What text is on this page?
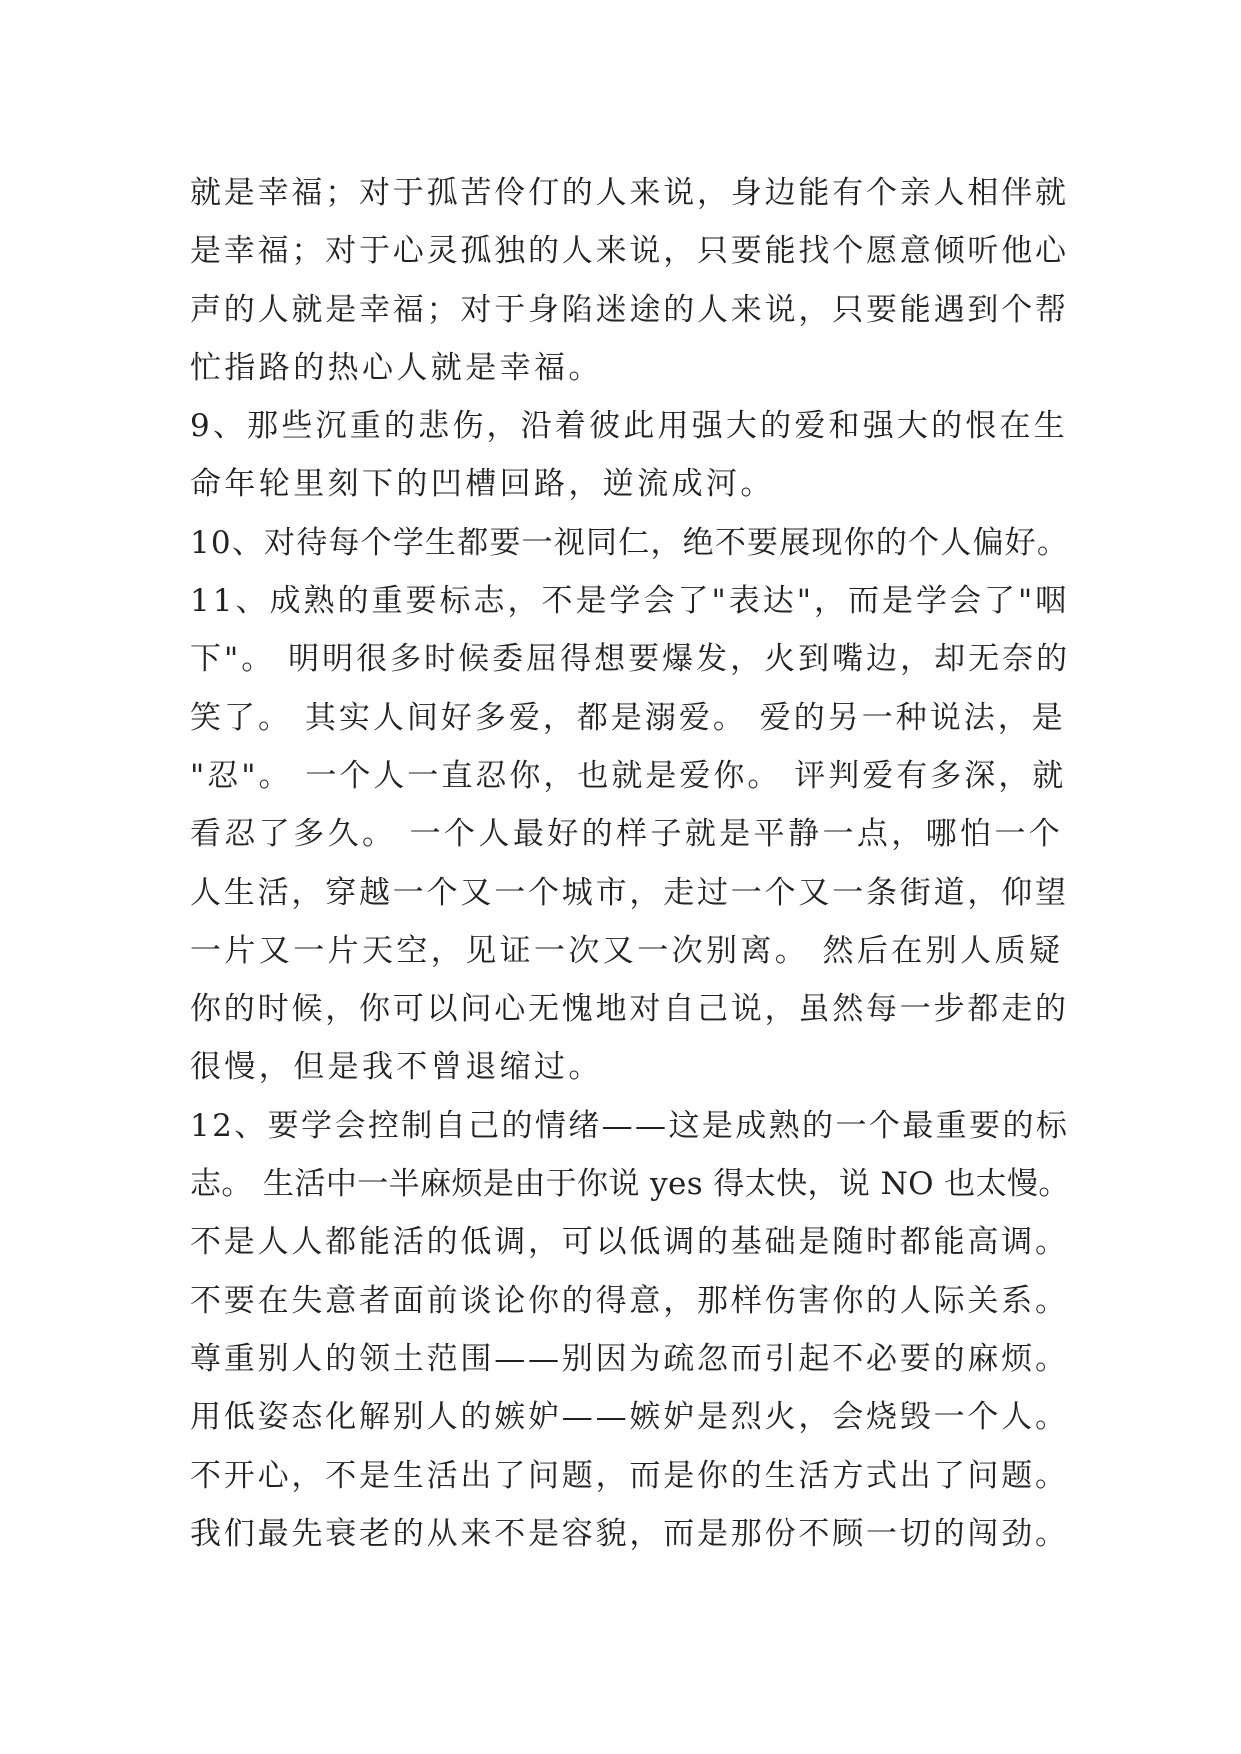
就是幸福；对于孤苦伶仃的人来说，身边能有个亲人相伴就
是幸福；对于心灵孤独的人来说，只要能找个愿意倾听他心
声的人就是幸福；对于身陷迷途的人来说，只要能遇到个帮
忙指路的热心人就是幸福。
9、那些沉重的悲伤，沿着彼此用强大的爱和强大的恨在生
命年轮里刻下的凹槽回路，逆流成河。
10、对待每个学生都要一视同仁，绝不要展现你的个人偏好。
11、成熟的重要标志，不是学会了"表达"，而是学会了"咽
下"。 明明很多时候委屈得想要爆发，火到嘴边，却无奈的
笑了。 其实人间好多爱，都是溺爱。 爱的另一种说法，是
"忍"。 一个人一直忍你，也就是爱你。 评判爱有多深，就
看忍了多久。 一个人最好的样子就是平静一点，哪怕一个
人生活，穿越一个又一个城市，走过一个又一条街道，仰望
一片又一片天空，见证一次又一次别离。 然后在别人质疑
你的时候，你可以问心无愧地对自己说，虽然每一步都走的
很慢，但是我不曾退缩过。
12、要学会控制自己的情绪——这是成熟的一个最重要的标
志。 生活中一半麻烦是由于你说 yes 得太快，说 NO 也太慢。
不是人人都能活的低调，可以低调的基础是随时都能高调。
不要在失意者面前谈论你的得意，那样伤害你的人际关系。
尊重别人的领土范围——别因为疏忽而引起不必要的麻烦。
用低姿态化解别人的嫉妒——嫉妒是烈火，会烧毁一个人。
不开心，不是生活出了问题，而是你的生活方式出了问题。
我们最先衰老的从来不是容貌，而是那份不顾一切的闯劲。
